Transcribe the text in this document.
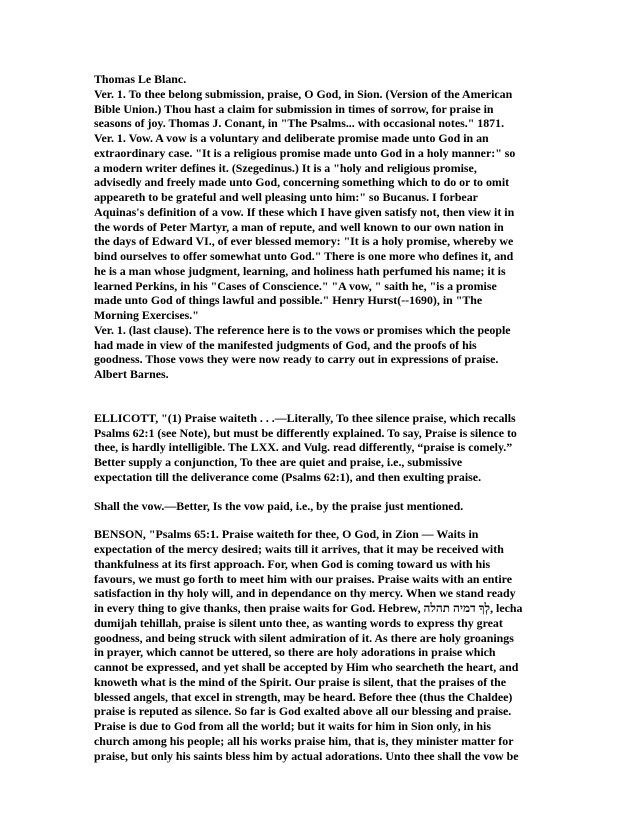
Thomas Le Blanc.
Ver. 1. To thee belong submission, praise, O God, in Sion. (Version of the American
Bible Union.) Thou hast a claim for submission in times of sorrow, for praise in
seasons of joy. Thomas J. Conant, in "The Psalms... with occasional notes." 1871.
Ver. 1. Vow. A vow is a voluntary and deliberate promise made unto God in an
extraordinary case. "It is a religious promise made unto God in a holy manner:" so
a modern writer defines it. (Szegedinus.) It is a "holy and religious promise,
advisedly and freely made unto God, concerning something which to do or to omit
appeareth to be grateful and well pleasing unto him:" so Bucanus. I forbear
Aquinas's definition of a vow. If these which I have given satisfy not, then view it in
the words of Peter Martyr, a man of repute, and well known to our own nation in
the days of Edward VI., of ever blessed memory: "It is a holy promise, whereby we
bind ourselves to offer somewhat unto God." There is one more who defines it, and
he is a man whose judgment, learning, and holiness hath perfumed his name; it is
learned Perkins, in his "Cases of Conscience." "A vow, " saith he, "is a promise
made unto God of things lawful and possible." Henry Hurst(--1690), in "The
Morning Exercises."
Ver. 1. (last clause). The reference here is to the vows or promises which the people
had made in view of the manifested judgments of God, and the proofs of his
goodness. Those vows they were now ready to carry out in expressions of praise.
Albert Barnes.
ELLICOTT, "(1) Praise waiteth . . .—Literally, To thee silence praise, which recalls
Psalms 62:1 (see Note), but must be differently explained. To say, Praise is silence to
thee, is hardly intelligible. The LXX. and Vulg. read differently, “praise is comely.”
Better supply a conjunction, To thee are quiet and praise, i.e., submissive
expectation till the deliverance come (Psalms 62:1), and then exulting praise.
Shall the vow.—Better, Is the vow paid, i.e., by the praise just mentioned.
BENSON, "Psalms 65:1. Praise waiteth for thee, O God, in Zion — Waits in
expectation of the mercy desired; waits till it arrives, that it may be received with
thankfulness at its first approach. For, when God is coming toward us with his
favours, we must go forth to meet him with our praises. Praise waits with an entire
satisfaction in thy holy will, and in dependance on thy mercy. When we stand ready
in every thing to give thanks, then praise waits for God. Hebrew, לְךָ דמיה תהלה, lecha
dumijah tehillah, praise is silent unto thee, as wanting words to express thy great
goodness, and being struck with silent admiration of it. As there are holy groanings
in prayer, which cannot be uttered, so there are holy adorations in praise which
cannot be expressed, and yet shall be accepted by Him who searcheth the heart, and
knoweth what is the mind of the Spirit. Our praise is silent, that the praises of the
blessed angels, that excel in strength, may be heard. Before thee (thus the Chaldee)
praise is reputed as silence. So far is God exalted above all our blessing and praise.
Praise is due to God from all the world; but it waits for him in Sion only, in his
church among his people; all his works praise him, that is, they minister matter for
praise, but only his saints bless him by actual adorations. Unto thee shall the vow be
